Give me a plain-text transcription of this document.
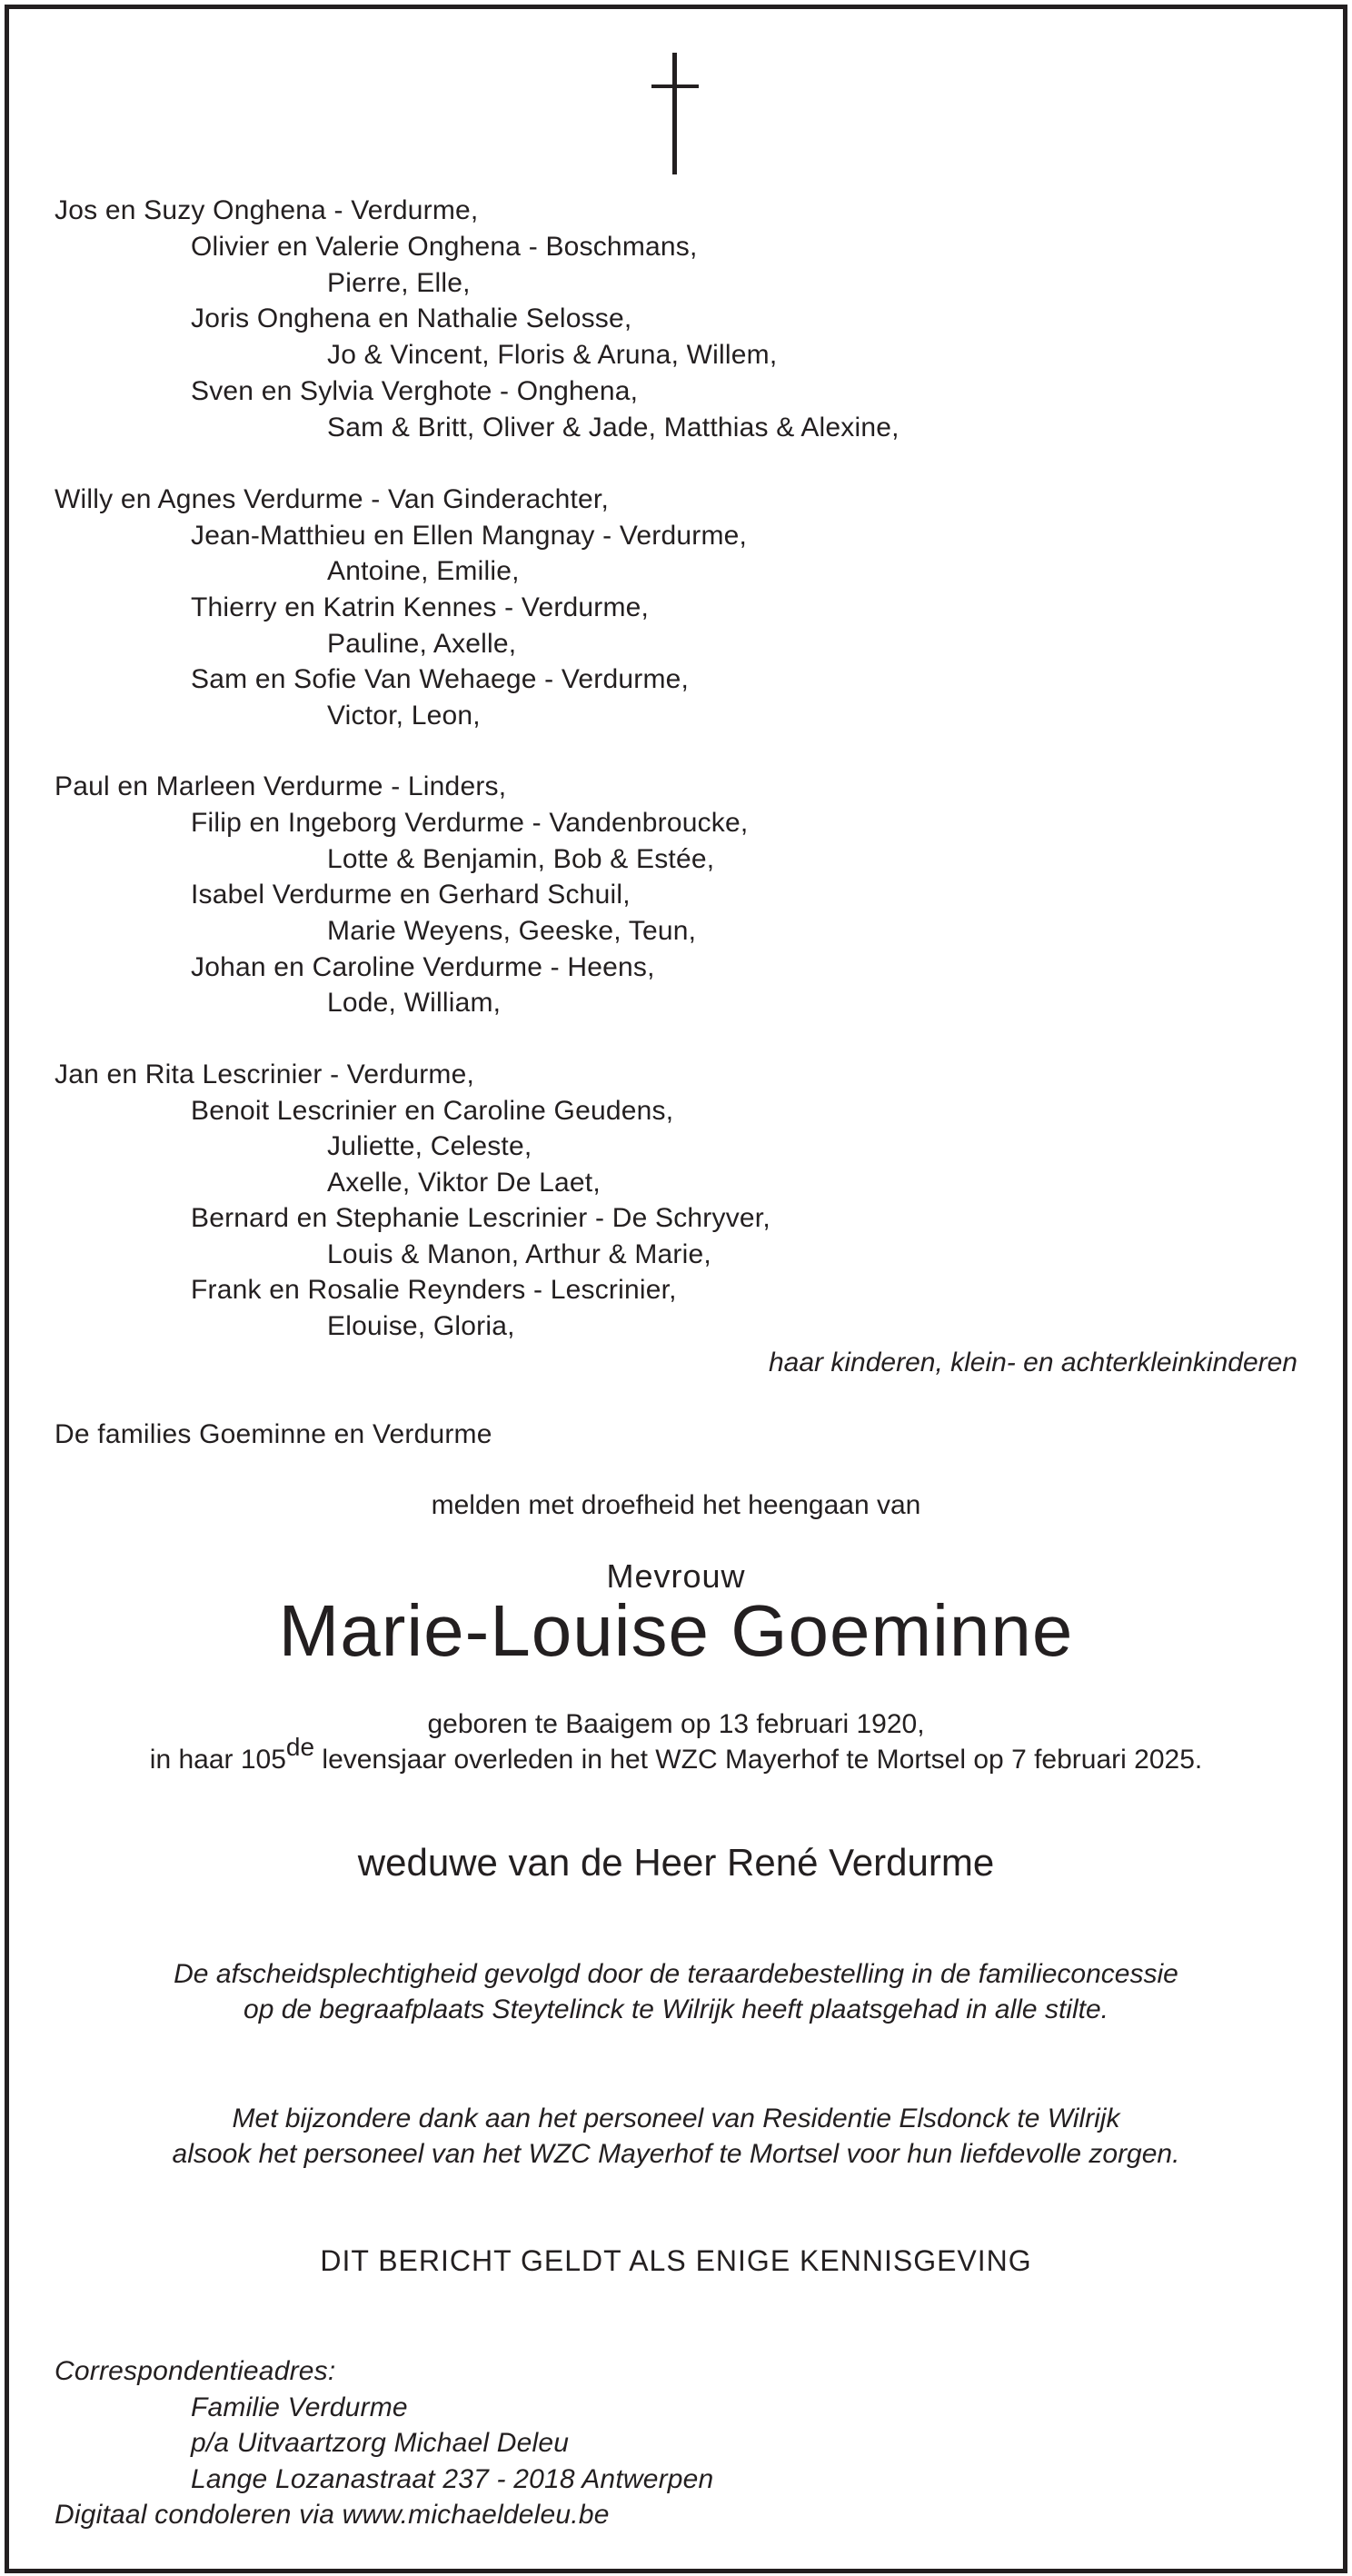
Jos en Suzy Onghena - Verdurme,
Olivier en Valerie Onghena - Boschmans,
Pierre, Elle,
Joris Onghena en Nathalie Selosse,
Jo & Vincent, Floris & Aruna, Willem,
Sven en Sylvia Verghote - Onghena,
Sam & Britt, Oliver & Jade, Matthias & Alexine,
Willy en Agnes Verdurme - Van Ginderachter,
Jean-Matthieu en Ellen Mangnay - Verdurme,
Antoine, Emilie,
Thierry en Katrin Kennes - Verdurme,
Pauline, Axelle,
Sam en Sofie Van Wehaege - Verdurme,
Victor, Leon,
Paul en Marleen Verdurme - Linders,
Filip en Ingeborg Verdurme - Vandenbroucke,
Lotte & Benjamin, Bob & Estée,
Isabel Verdurme en Gerhard Schuil,
Marie Weyens, Geeske, Teun,
Johan en Caroline Verdurme - Heens,
Lode, William,
Jan en Rita Lescrinier - Verdurme,
Benoit Lescrinier en Caroline Geudens,
Juliette, Celeste,
Axelle, Viktor De Laet,
Bernard en Stephanie Lescrinier - De Schryver,
Louis & Manon, Arthur & Marie,
Frank en Rosalie Reynders - Lescrinier,
Elouise, Gloria,
haar kinderen, klein- en achterkleinkinderen
De families Goeminne en Verdurme
melden met droefheid het heengaan van
Mevrouw
Marie-Louise Goeminne
geboren te Baaigem op 13 februari 1920,
in haar 105de levensjaar overleden in het WZC Mayerhof te Mortsel op 7 februari 2025.
weduwe van de Heer René Verdurme
De afscheidsplechtigheid gevolgd door de teraardebestelling in de familieconcessie
op de begraafplaats Steytelinck te Wilrijk heeft plaatsgehad in alle stilte.
Met bijzondere dank aan het personeel van Residentie Elsdonck te Wilrijk
alsook het personeel van het WZC Mayerhof te Mortsel voor hun liefdevolle zorgen.
DIT BERICHT GELDT ALS ENIGE KENNISGEVING
Correspondentieadres:
Familie Verdurme
p/a Uitvaartzorg Michael Deleu
Lange Lozanastraat 237 - 2018 Antwerpen
Digitaal condoleren via www.michaeldeleu.be
